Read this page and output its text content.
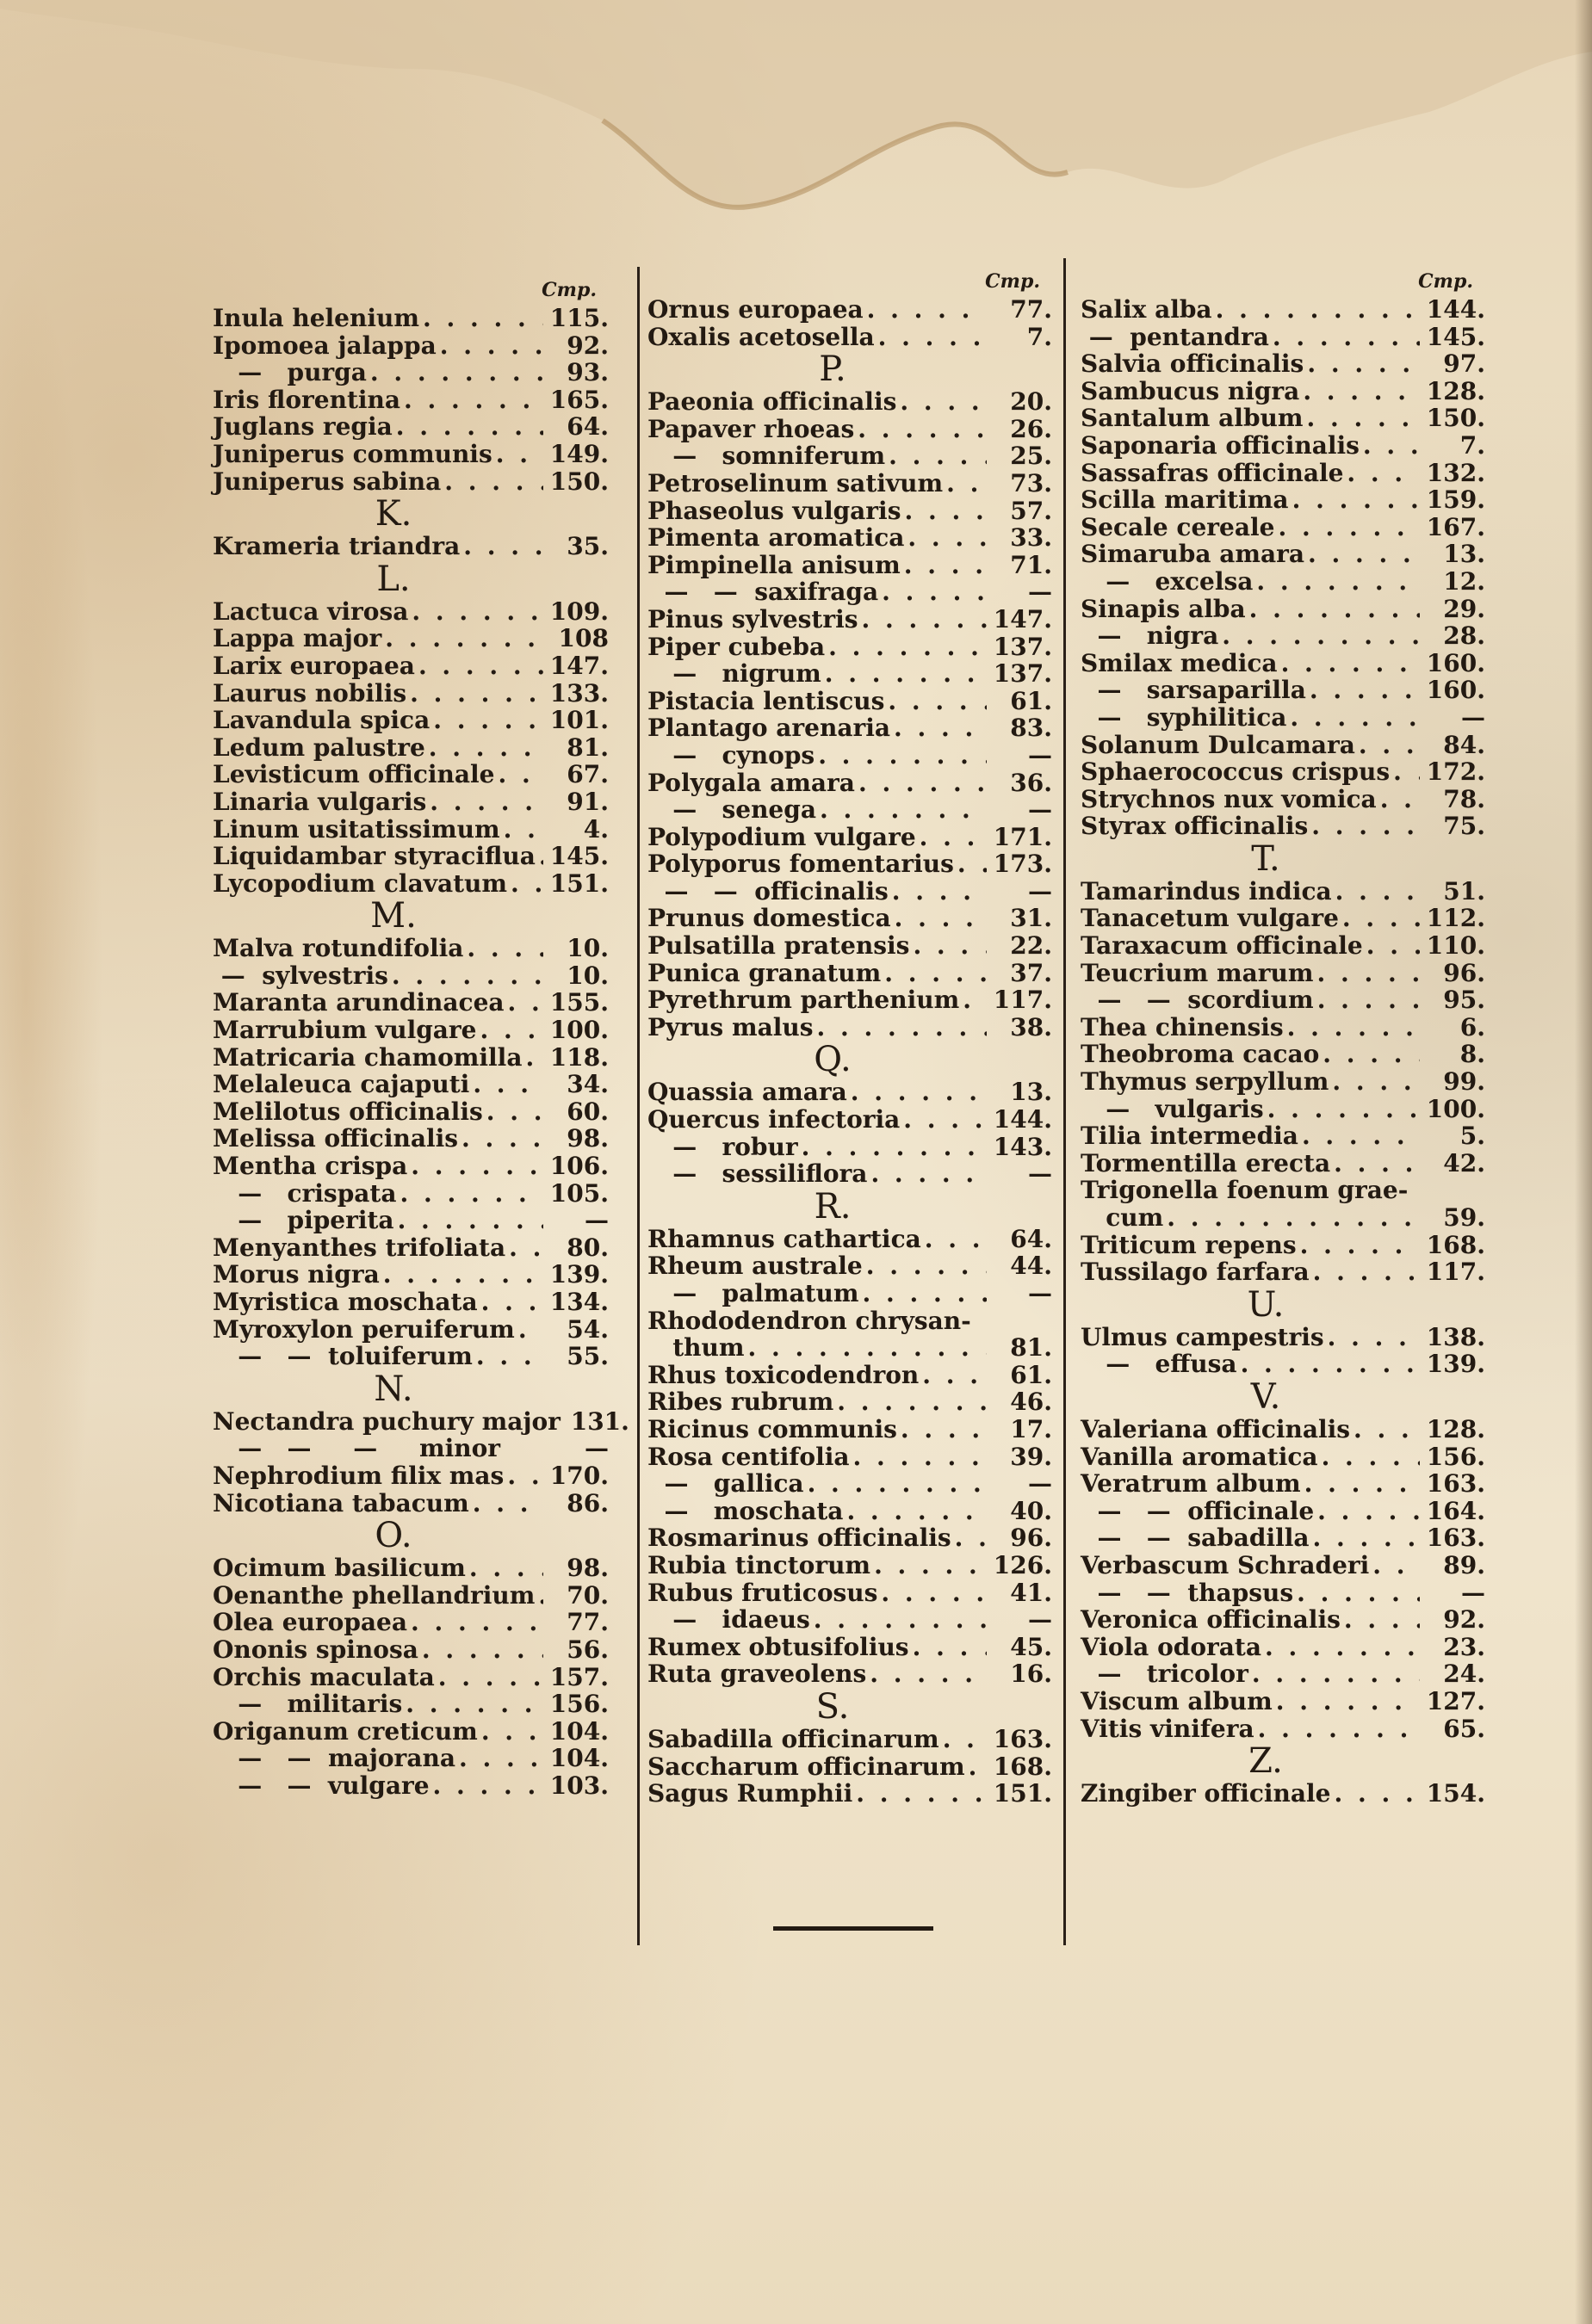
Cmp.
Inula helenium . . .	115.
Ipomoea jalappa . . .	92.
—   purga . . .	93.
Iris florentina . . .	165.
Juglans regia . . .	64.
Juniperus communis . . . 149.
Juniperus sabina . . .	150.
K.
Krameria triandra . . .	35.
L.
Lactuca virosa . . .	109.
Lappa major . . .	108
Larix europaea . . .	147.
Laurus nobilis . . .	133.
Lavandula spica . . .	101.
Ledum palustre . . .	81.
Levisticum officinale . . .	67.
Linaria vulgaris . . .	91.
Linum usitatissimum . . .	4.
Liquidambar styraciflua . . . 145.
Lycopodium clavatum . . . 151.
M.
Malva rotundifolia . . .	10.
—  sylvestris . . .	10.
Maranta arundinacea . . . 155.
Marrubium vulgare . . .	100.
Matricaria chamomilla . . . 118.
Melaleuca cajaputi . . .	34.
Melilotus officinalis . . .	60.
Melissa officinalis . . .	98.
Mentha crispa . . .	106.
—   crispata . . .	105.
—   piperita . . .	—
Menyanthes trifoliata . . .	80.
Morus nigra . . .	139.
Myristica moschata . . .	134.
Myroxylon peruiferum . . .	54.
—   —  toluiferum . . .	55.
N.
Nectandra puchury major 131.
—   —     —     minor	—
Nephrodium filix mas . . . 170.
Nicotiana tabacum . . .	86.
O.
Ocimum basilicum . . .	98.
Oenanthe phellandrium . . .	70.
Olea europaea . . .	77.
Ononis spinosa . . .	56.
Orchis maculata . . .	157.
—   militaris . . .	156.
Origanum creticum . . .	104.
—   —  majorana . . .	104.
—   —  vulgare . . .	103.
Cmp.
Ornus europaea . . .	77.
Oxalis acetosella . . .	7.
P.
Paeonia officinalis . . .	20.
Papaver rhoeas . . .	26.
—   somniferum . . .	25.
Petroselinum sativum . . .	73.
Phaseolus vulgaris . . .	57.
Pimenta aromatica . . .	33.
Pimpinella anisum . . .	71.
—   —  saxifraga . . .	—
Pinus sylvestris . . .	147.
Piper cubeba . . .	137.
—   nigrum . . .	137.
Pistacia lentiscus . . .	61.
Plantago arenaria . . .	83.
—   cynops . . .	—
Polygala amara . . .	36.
—   senega . . .	—
Polypodium vulgare . . .	171.
Polyporus fomentarius . . . 173.
—   —  officinalis . . .	—
Prunus domestica . . .	31.
Pulsatilla pratensis . . .	22.
Punica granatum . . .	37.
Pyrethrum parthenium . . . 117.
Pyrus malus . . .	38.
Q.
Quassia amara . . .	13.
Quercus infectoria . . .	144.
—   robur . . .	143.
—   sessiliflora . . .	—
R.
Rhamnus cathartica . . .	64.
Rheum australe . . .	44.
—   palmatum . . .	—
Rhododendron chrysan-
thum . . .	81.
Rhus toxicodendron . . .	61.
Ribes rubrum . . .	46.
Ricinus communis . . .	17.
Rosa centifolia . . .	39.
—   gallica . . .	—
—   moschata . . .	40.
Rosmarinus officinalis . . .	96.
Rubia tinctorum . . .	126.
Rubus fruticosus . . .	41.
—   idaeus . . .	—
Rumex obtusifolius . . .	45.
Ruta graveolens . . .	16.
S.
Sabadilla officinarum . . . 163.
Saccharum officinarum . . . 168.
Sagus Rumphii . . .	151.
Cmp.
Salix alba . . .	144.
—  pentandra . . .	145.
Salvia officinalis . . .	97.
Sambucus nigra . . .	128.
Santalum album . . .	150.
Saponaria officinalis . . .	7.
Sassafras officinale . . .	132.
Scilla maritima . . .	159.
Secale cereale . . .	167.
Simaruba amara . . .	13.
—   excelsa . . .	12.
Sinapis alba . . .	29.
—   nigra . . .	28.
Smilax medica . . .	160.
—   sarsaparilla . . .	160.
—   syphilitica . . .	—
Solanum Dulcamara . . .	84.
Sphaerococcus crispus . . . 172.
Strychnos nux vomica . . .	78.
Styrax officinalis . . .	75.
T.
Tamarindus indica . . .	51.
Tanacetum vulgare . . .	112.
Taraxacum officinale . . .	110.
Teucrium marum . . .	96.
—   —  scordium . . .	95.
Thea chinensis . . .	6.
Theobroma cacao . . .	8.
Thymus serpyllum . . .	99.
—   vulgaris . . .	100.
Tilia intermedia . . .	5.
Tormentilla erecta . . .	42.
Trigonella foenum grae-
cum . . .	59.
Triticum repens . . .	168.
Tussilago farfara . . .	117.
U.
Ulmus campestris . . .	138.
—   effusa . . .	139.
V.
Valeriana officinalis . . .	128.
Vanilla aromatica . . .	156.
Veratrum album . . .	163.
—   —  officinale . . .	164.
—   —  sabadilla . . .	163.
Verbascum Schraderi . . .	89.
—   —  thapsus . . .	—
Veronica officinalis . . .	92.
Viola odorata . . .	23.
—   tricolor . . .	24.
Viscum album . . .	127.
Vitis vinifera . . .	65.
Z.
Zingiber officinale . . .	154.
